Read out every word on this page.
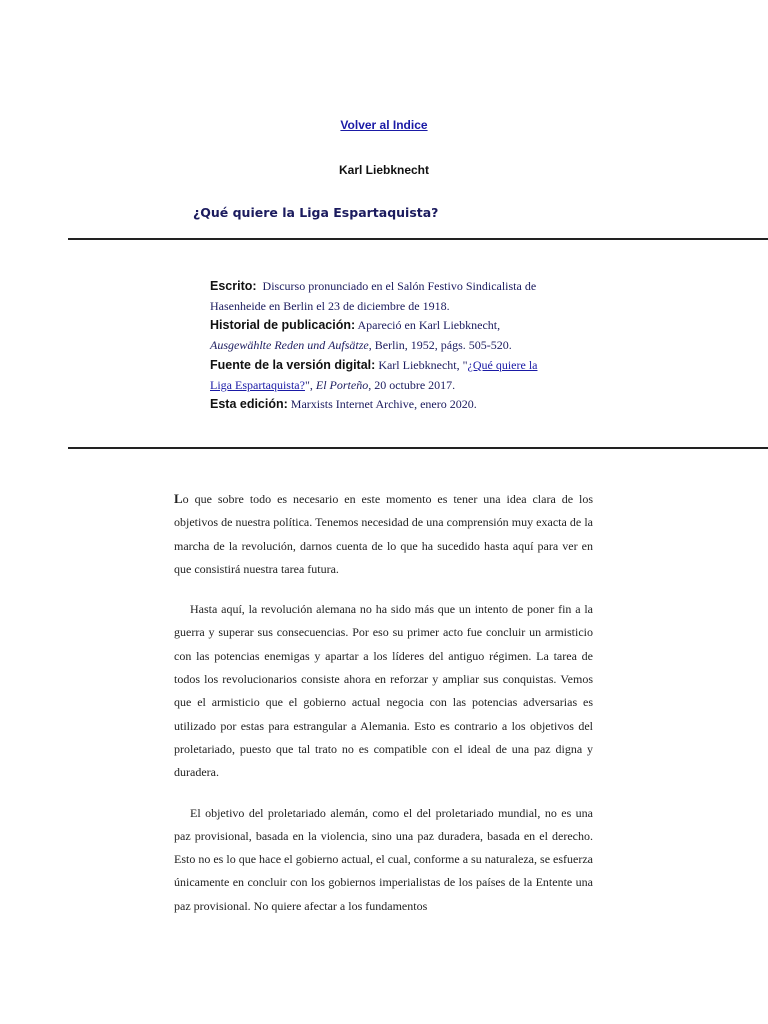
Volver al Indice
Karl Liebknecht
¿Qué quiere la Liga Espartaquista?
Escrito: Discurso pronunciado en el Salón Festivo Sindicalista de Hasenheide en Berlin el 23 de diciembre de 1918.
Historial de publicación: Apareció en Karl Liebknecht, Ausgewählte Reden und Aufsätze, Berlin, 1952, págs. 505-520.
Fuente de la versión digital: Karl Liebknecht, "¿Qué quiere la Liga Espartaquista?", El Porteño, 20 octubre 2017.
Esta edición: Marxists Internet Archive, enero 2020.

Lo que sobre todo es necesario en este momento es tener una idea clara de los objetivos de nuestra política. Tenemos necesidad de una comprensión muy exacta de la marcha de la revolución, darnos cuenta de lo que ha sucedido hasta aquí para ver en que consistirá nuestra tarea futura.

Hasta aquí, la revolución alemana no ha sido más que un intento de poner fin a la guerra y superar sus consecuencias. Por eso su primer acto fue concluir un armisticio con las potencias enemigas y apartar a los líderes del antiguo régimen. La tarea de todos los revolucionarios consiste ahora en reforzar y ampliar sus conquistas. Vemos que el armisticio que el gobierno actual negocia con las potencias adversarias es utilizado por estas para estrangular a Alemania. Esto es contrario a los objetivos del proletariado, puesto que tal trato no es compatible con el ideal de una paz digna y duradera.

El objetivo del proletariado alemán, como el del proletariado mundial, no es una paz provisional, basada en la violencia, sino una paz duradera, basada en el derecho. Esto no es lo que hace el gobierno actual, el cual, conforme a su naturaleza, se esfuerza únicamente en concluir con los gobiernos imperialistas de los países de la Entente una paz provisional. No quiere afectar a los fundamentos
